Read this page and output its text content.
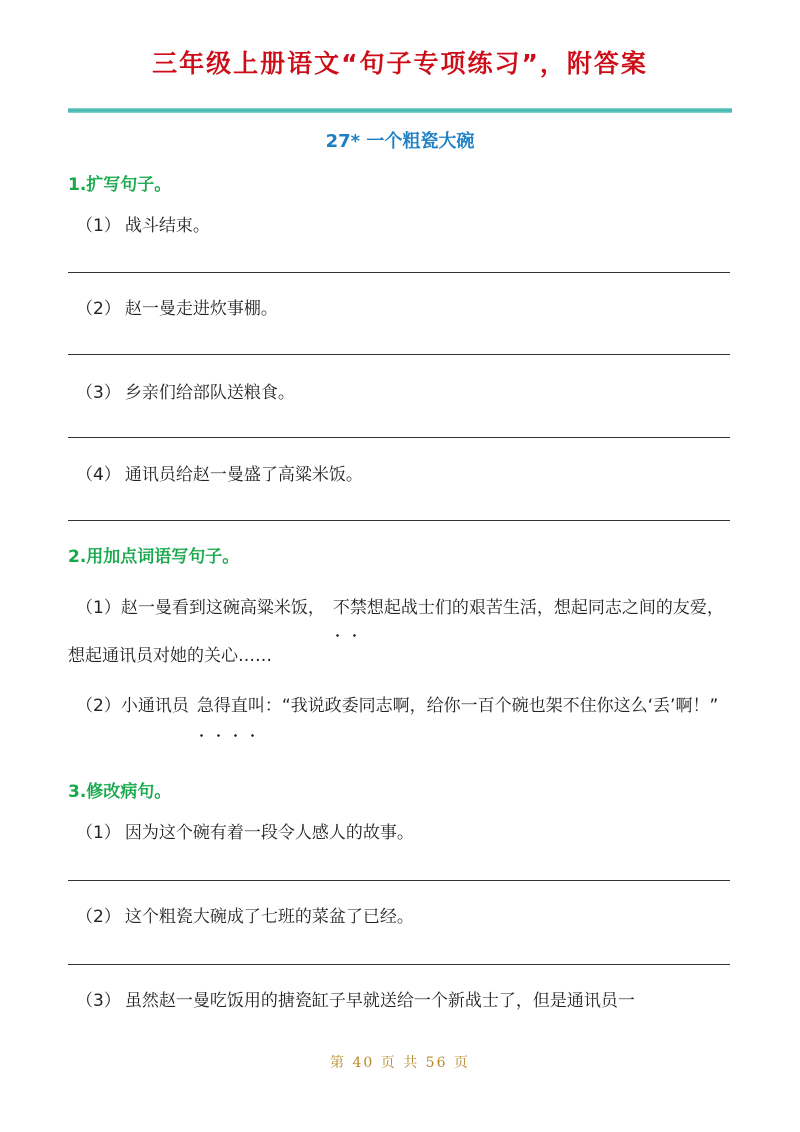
三年级上册语文“句子专项练习”，附答案
27* 一个粗瓷大碗
1.扩写句子。
（1） 战斗结束。
（2） 赵一曼走进炊事棚。
（3） 乡亲们给部队送粮食。
（4） 通讯员给赵一曼盛了高粱米饭。
2.用加点词语写句子。
（1）赵一曼看到这碗高粱米饭， 不禁想起战士们的艰苦生活，想起同志之间的友爱，想起通讯员对她的关心……
（2）小通讯员 急得直叫：“我说政委同志啊，给你一百个碗也架不住你这么‘丢’啊！”
3.修改病句。
（1） 因为这个碗有着一段令人感人的故事。
（2） 这个粗瓷大碗成了七班的菜盆了已经。
（3） 虽然赵一曼吃饭用的搪瓷缸子早就送给一个新战士了，但是通讯员一
第 40 页 共 56 页
